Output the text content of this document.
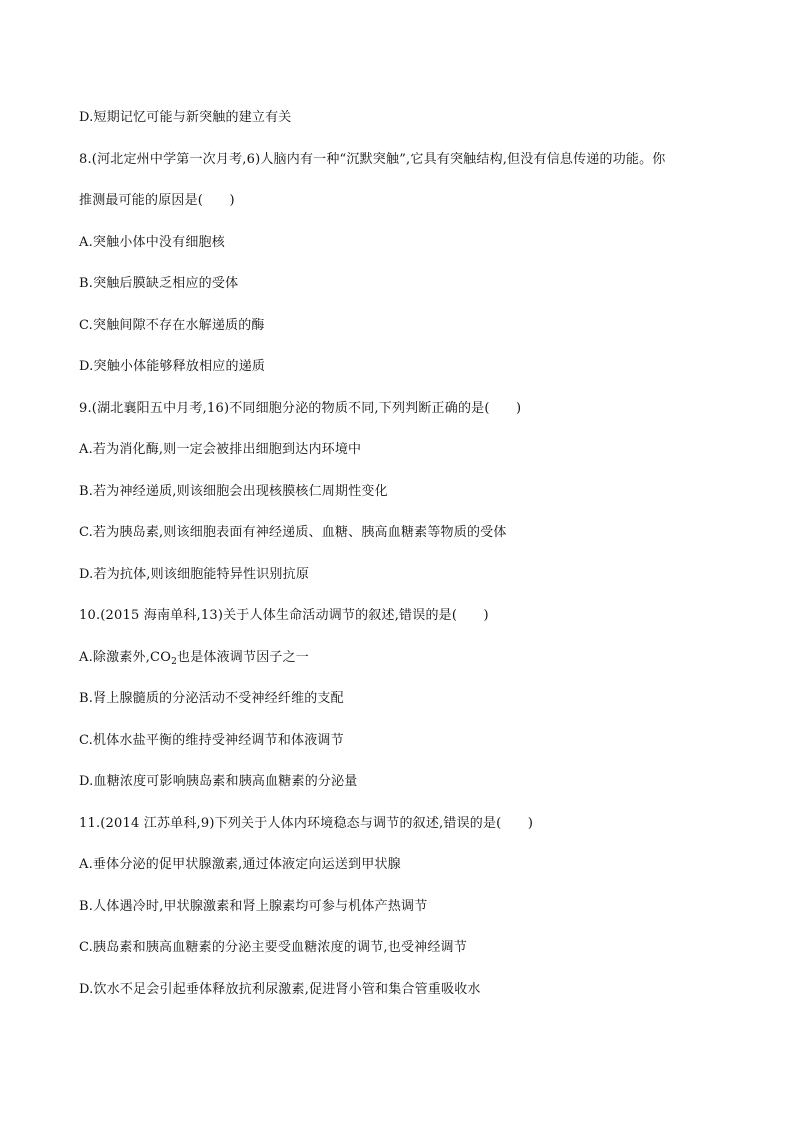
D.短期记忆可能与新突触的建立有关
8.(河北定州中学第一次月考,6)人脑内有一种“沉默突触”,它具有突触结构,但没有信息传递的功能。你
推测最可能的原因是(　　)
A.突触小体中没有细胞核
B.突触后膜缺乏相应的受体
C.突触间隙不存在水解递质的酶
D.突触小体能够释放相应的递质
9.(湖北襄阳五中月考,16)不同细胞分泌的物质不同,下列判断正确的是(　　)
A.若为消化酶,则一定会被排出细胞到达内环境中
B.若为神经递质,则该细胞会出现核膜核仁周期性变化
C.若为胰岛素,则该细胞表面有神经递质、血糖、胰高血糖素等物质的受体
D.若为抗体,则该细胞能特异性识别抗原
10.(2015 海南单科,13)关于人体生命活动调节的叙述,错误的是(　　)
A.除激素外$,CO_2$也是体液调节因子之一
B.肾上腺髓质的分泌活动不受神经纤维的支配
C.机体水盐平衡的维持受神经调节和体液调节
D.血糖浓度可影响胰岛素和胰高血糖素的分泌量
11.(2014 江苏单科,9)下列关于人体内环境稳态与调节的叙述,错误的是(　　)
A.垂体分泌的促甲状腺激素,通过体液定向运送到甲状腺
B.人体遇冷时,甲状腺激素和肾上腺素均可参与机体产热调节
C.胰岛素和胰高血糖素的分泌主要受血糖浓度的调节,也受神经调节
D.饮水不足会引起垂体释放抗利尿激素,促进肾小管和集合管重吸收水
